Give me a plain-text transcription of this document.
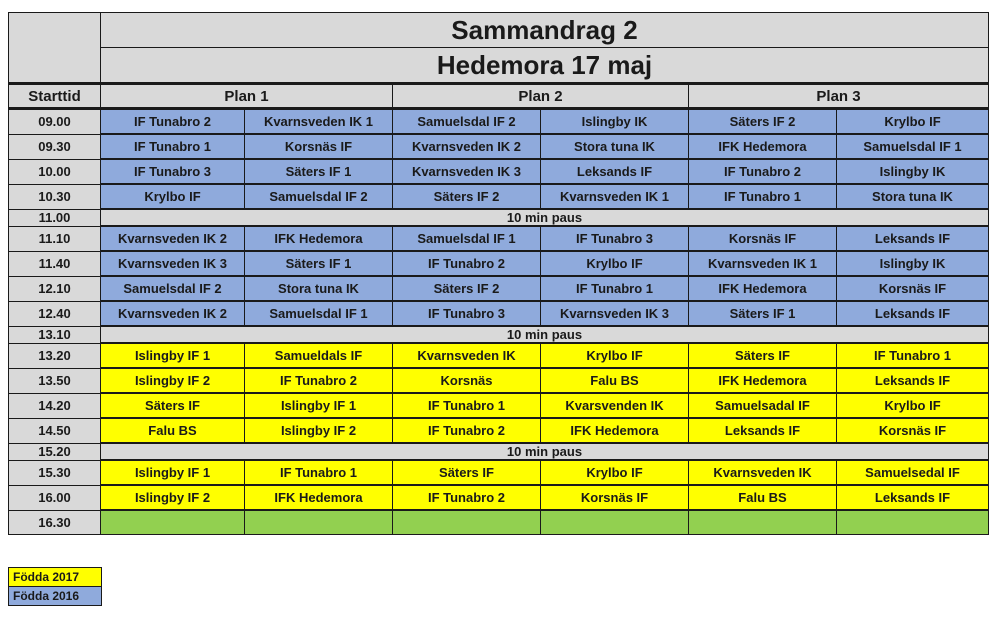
	Sammandrag 2					
	Hedemora 17 maj					
Starttid	Plan 1		Plan 2		Plan 3	
09.00	IF Tunabro 2	Kvarnsveden IK 1	Samuelsdal IF 2	Islingby IK	Säters IF 2	Krylbo IF
09.30	IF Tunabro 1	Korsnäs IF	Kvarnsveden IK 2	Stora tuna IK	IFK Hedemora	Samuelsdal IF 1
10.00	IF Tunabro 3	Säters IF 1	Kvarnsveden IK 3	Leksands IF	IF Tunabro 2	Islingby IK
10.30	Krylbo IF	Samuelsdal IF 2	Säters IF 2	Kvarnsveden IK 1	IF Tunabro 1	Stora tuna IK
11.00	10 min paus					
11.10	Kvarnsveden IK 2	IFK Hedemora	Samuelsdal IF 1	IF Tunabro 3	Korsnäs IF	Leksands IF
11.40	Kvarnsveden IK 3	Säters IF 1	IF Tunabro 2	Krylbo IF	Kvarnsveden IK 1	Islingby IK
12.10	Samuelsdal IF 2	Stora tuna IK	Säters IF 2	IF Tunabro 1	IFK Hedemora	Korsnäs IF
12.40	Kvarnsveden IK 2	Samuelsdal IF 1	IF Tunabro 3	Kvarnsveden IK 3	Säters IF 1	Leksands IF
13.10	10 min paus					
13.20	Islingby IF 1	Samueldals IF	Kvarnsveden IK	Krylbo IF	Säters IF	IF Tunabro 1
13.50	Islingby IF 2	IF Tunabro 2	Korsnäs	Falu BS	IFK Hedemora	Leksands IF
14.20	Säters IF	Islingby IF 1	IF Tunabro 1	Kvarsvenden IK	Samuelsadal IF	Krylbo IF
14.50	Falu BS	Islingby IF 2	IF Tunabro 2	IFK Hedemora	Leksands IF	Korsnäs IF
15.20	10 min paus					
15.30	Islingby IF 1	IF Tunabro 1	Säters IF	Krylbo IF	Kvarnsveden IK	Samuelsedal IF
16.00	Islingby IF 2	IFK Hedemora	IF Tunabro 2	Korsnäs IF	Falu BS	Leksands IF
16.30						
Födda 2017
Födda 2016
